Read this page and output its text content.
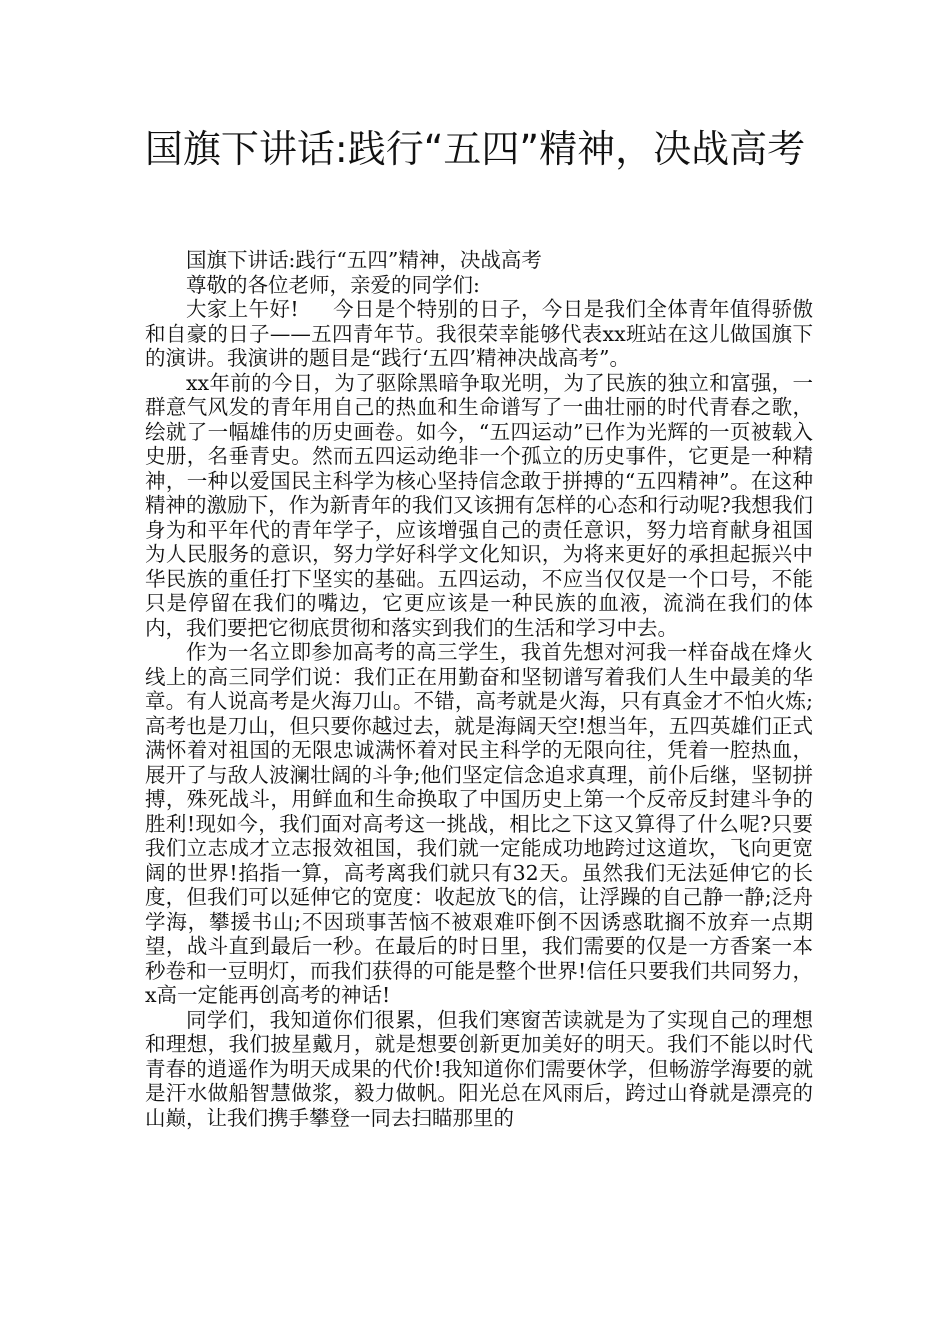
国旗下讲话:践行“五四”精神，决战高考

国旗下讲话:践行“五四”精神，决战高考

尊敬的各位老师，亲爱的同学们:

大家上午好!     今日是个特别的日子，今日是我们全体青年值得骄傲和自豪的日子——五四青年节。我很荣幸能够代表xx班站在这儿做国旗下的演讲。我演讲的题目是“践行‘五四’精神决战高考”。

xx年前的今日，为了驱除黑暗争取光明，为了民族的独立和富强，一群意气风发的青年用自己的热血和生命谱写了一曲壮丽的时代青春之歌，绘就了一幅雄伟的历史画卷。如今，“五四运动”已作为光辉的一页被载入史册，名垂青史。然而五四运动绝非一个孤立的历史事件，它更是一种精神，一种以爱国民主科学为核心坚持信念敢于拼搏的“五四精神”。在这种精神的激励下，作为新青年的我们又该拥有怎样的心态和行动呢?我想我们身为和平年代的青年学子，应该增强自己的责任意识，努力培育献身祖国为人民服务的意识，努力学好科学文化知识，为将来更好的承担起振兴中华民族的重任打下坚实的基础。五四运动，不应当仅仅是一个口号，不能只是停留在我们的嘴边，它更应该是一种民族的血液，流淌在我们的体内，我们要把它彻底贯彻和落实到我们的生活和学习中去。

作为一名立即参加高考的高三学生，我首先想对河我一样奋战在烽火线上的高三同学们说：我们正在用勤奋和坚韧谱写着我们人生中最美的华章。有人说高考是火海刀山。不错，高考就是火海，只有真金才不怕火炼;高考也是刀山，但只要你越过去，就是海阔天空!想当年，五四英雄们正式满怀着对祖国的无限忠诚满怀着对民主科学的无限向往，凭着一腔热血，展开了与敌人波澜壮阔的斗争;他们坚定信念追求真理，前仆后继，坚韧拼搏，殊死战斗，用鲜血和生命换取了中国历史上第一个反帝反封建斗争的胜利!现如今，我们面对高考这一挑战，相比之下这又算得了什么呢?只要我们立志成才立志报效祖国，我们就一定能成功地跨过这道坎，飞向更宽阔的世界!掐指一算，高考离我们就只有32天。虽然我们无法延伸它的长度，但我们可以延伸它的宽度：收起放飞的信，让浮躁的自己静一静;泛舟学海，攀援书山;不因琐事苦恼不被艰难吓倒不因诱惑耽搁不放弃一点期望，战斗直到最后一秒。在最后的时日里，我们需要的仅是一方香案一本秒卷和一豆明灯，而我们获得的可能是整个世界!信任只要我们共同努力，x高一定能再创高考的神话!

同学们，我知道你们很累，但我们寒窗苦读就是为了实现自己的理想和理想，我们披星戴月，就是想要创新更加美好的明天。我们不能以时代青春的逍遥作为明天成果的代价!我知道你们需要休学，但畅游学海要的就是汗水做船智慧做浆，毅力做帆。阳光总在风雨后，跨过山脊就是漂亮的山巅，让我们携手攀登一同去扫瞄那里的
